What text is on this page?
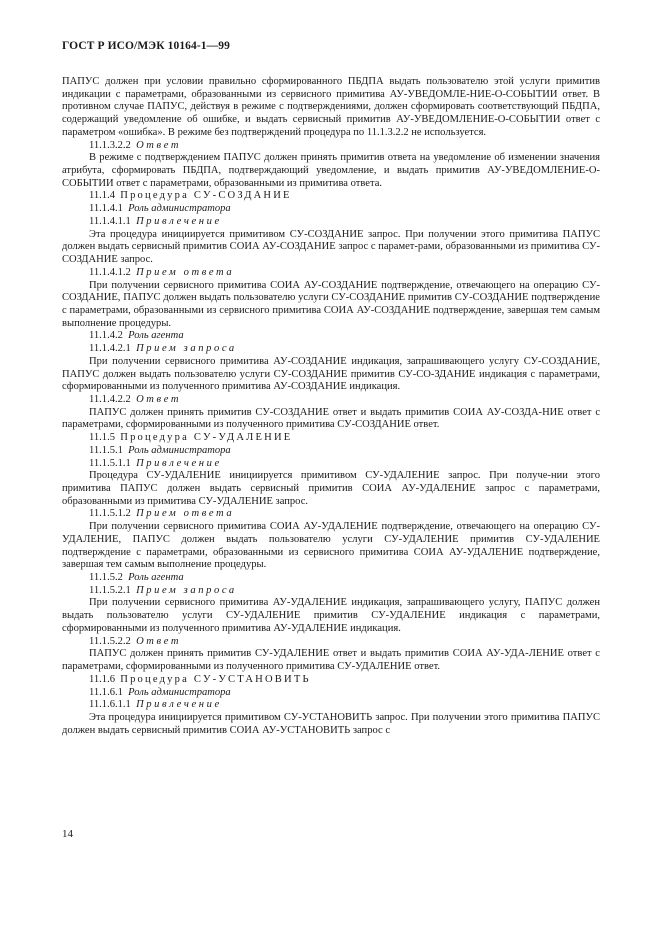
ГОСТ Р ИСО/МЭК 10164-1—99

ПАПУС должен при условии правильно сформированного ПБДПА выдать пользователю этой услуги примитив индикации с параметрами, образованными из сервисного примитива АУ-УВЕДОМЛЕ-НИЕ-О-СОБЫТИИ ответ. В противном случае ПАПУС, действуя в режиме с подтверждениями, должен сформировать соответствующий ПБДПА, содержащий уведомление об ошибке, и выдать сервисный примитив АУ-УВЕДОМЛЕНИЕ-О-СОБЫТИИ ответ с параметром «ошибка». В режиме без подтверждений процедура по 11.1.3.2.2 не используется.

11.1.3.2.2 Ответ

В режиме с подтверждением ПАПУС должен принять примитив ответа на уведомление об изменении значения атрибута, сформировать ПБДПА, подтверждающий уведомление, и выдать примитив АУ-УВЕДОМЛЕНИЕ-О-СОБЫТИИ ответ с параметрами, образованными из примитива ответа.

11.1.4 Процедура СУ-СОЗДАНИЕ

11.1.4.1 Роль администратора

11.1.4.1.1 Привлечение

Эта процедура инициируется примитивом СУ-СОЗДАНИЕ запрос. При получении этого примитива ПАПУС должен выдать сервисный примитив СОИА АУ-СОЗДАНИЕ запрос с парамет-рами, образованными из примитива СУ-СОЗДАНИЕ запрос.

11.1.4.1.2 Прием ответа

При получении сервисного примитива СОИА АУ-СОЗДАНИЕ подтверждение, отвечающего на операцию СУ-СОЗДАНИЕ, ПАПУС должен выдать пользователю услуги СУ-СОЗДАНИЕ примитив СУ-СОЗДАНИЕ подтверждение с параметрами, образованными из сервисного примитива СОИА АУ-СОЗДАНИЕ подтверждение, завершая тем самым выполнение процедуры.

11.1.4.2 Роль агента

11.1.4.2.1 Прием запроса

При получении сервисного примитива АУ-СОЗДАНИЕ индикация, запрашивающего услугу СУ-СОЗДАНИЕ, ПАПУС должен выдать пользователю услуги СУ-СОЗДАНИЕ примитив СУ-СО-ЗДАНИЕ индикация с параметрами, сформированными из полученного примитива АУ-СОЗДАНИЕ индикация.

11.1.4.2.2 Ответ

ПАПУС должен принять примитив СУ-СОЗДАНИЕ ответ и выдать примитив СОИА АУ-СОЗДА-НИЕ ответ с параметрами, сформированными из полученного примитива СУ-СОЗДАНИЕ ответ.

11.1.5 Процедура СУ-УДАЛЕНИЕ

11.1.5.1 Роль администратора

11.1.5.1.1 Привлечение

Процедура СУ-УДАЛЕНИЕ инициируется примитивом СУ-УДАЛЕНИЕ запрос. При получе-нии этого примитива ПАПУС должен выдать сервисный примитив СОИА АУ-УДАЛЕНИЕ запрос с параметрами, образованными из примитива СУ-УДАЛЕНИЕ запрос.

11.1.5.1.2 Прием ответа

При получении сервисного примитива СОИА АУ-УДАЛЕНИЕ подтверждение, отвечающего на операцию СУ-УДАЛЕНИЕ, ПАПУС должен выдать пользователю услуги СУ-УДАЛЕНИЕ примитив СУ-УДАЛЕНИЕ подтверждение с параметрами, образованными из сервисного примитива СОИА АУ-УДАЛЕНИЕ подтверждение, завершая тем самым выполнение процедуры.

11.1.5.2 Роль агента

11.1.5.2.1 Прием запроса

При получении сервисного примитива АУ-УДАЛЕНИЕ индикация, запрашивающего услугу, ПАПУС должен выдать пользователю услуги СУ-УДАЛЕНИЕ примитив СУ-УДАЛЕНИЕ индикация с параметрами, сформированными из полученного примитива АУ-УДАЛЕНИЕ индикация.

11.1.5.2.2 Ответ

ПАПУС должен принять примитив СУ-УДАЛЕНИЕ ответ и выдать примитив СОИА АУ-УДА-ЛЕНИЕ ответ с параметрами, сформированными из полученного примитива СУ-УДАЛЕНИЕ ответ.

11.1.6 Процедура СУ-УСТАНОВИТЬ

11.1.6.1 Роль администратора

11.1.6.1.1 Привлечение

Эта процедура инициируется примитивом СУ-УСТАНОВИТЬ запрос. При получении этого примитива ПАПУС должен выдать сервисный примитив СОИА АУ-УСТАНОВИТЬ запрос с

14
